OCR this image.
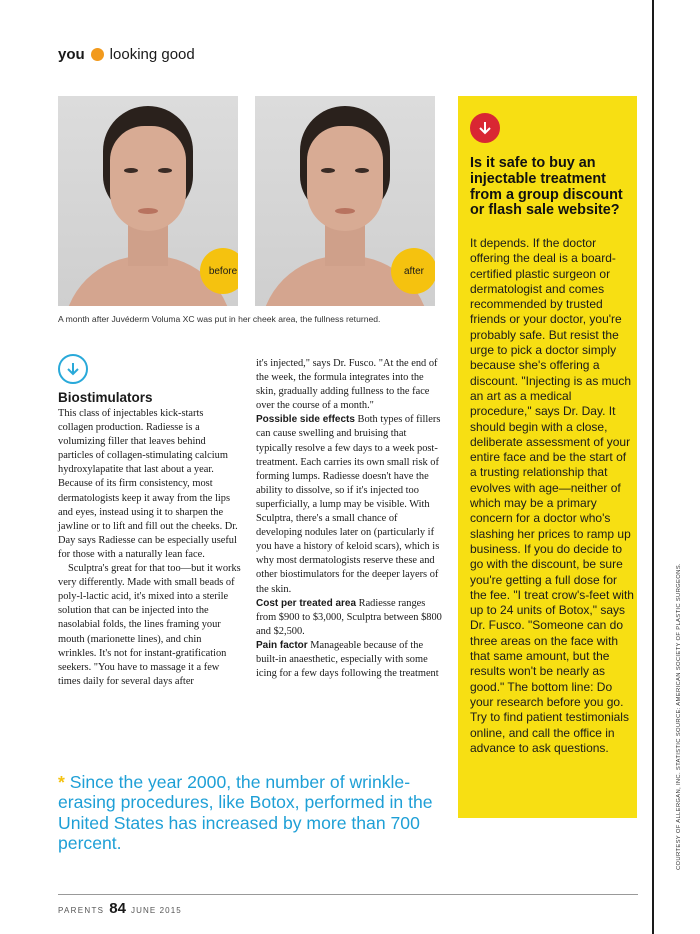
you looking good
before	after
A month after Juvéderm Voluma XC was put in her cheek area, the fullness returned.
Biostimulators

This class of injectables kick-starts collagen production. Radiesse is a volumizing filler that leaves behind particles of collagen-stimulating calcium hydroxylapatite that last about a year. Because of its firm consistency, most dermatologists keep it away from the lips and eyes, instead using it to sharpen the jawline or to lift and fill out the cheeks. Dr. Day says Radiesse can be especially useful for those with a naturally lean face.

Sculptra's great for that too—but it works very differently. Made with small beads of poly-l-lactic acid, it's mixed into a sterile solution that can be injected into the nasolabial folds, the lines framing your mouth (marionette lines), and chin wrinkles. It's not for instant-gratification seekers. "You have to massage it a few times daily for several days after

it's injected," says Dr. Fusco. "At the end of the week, the formula integrates into the skin, gradually adding fullness to the face over the course of a month."

Possible side effects Both types of fillers can cause swelling and bruising that typically resolve a few days to a week post-treatment. Each carries its own small risk of forming lumps. Radiesse doesn't have the ability to dissolve, so if it's injected too superficially, a lump may be visible. With Sculptra, there's a small chance of developing nodules later on (particularly if you have a history of keloid scars), which is why most dermatologists reserve these and other biostimulators for the deeper layers of the skin.

Cost per treated area Radiesse ranges from $900 to $3,000, Sculptra between $800 and $2,500.

Pain factor Manageable because of the built-in anaesthetic, especially with some icing for a few days following the treatment

Is it safe to buy an injectable treatment from a group discount or flash sale website?
It depends. If the doctor offering the deal is a board-certified plastic surgeon or dermatologist and comes recommended by trusted friends or your doctor, you're probably safe. But resist the urge to pick a doctor simply because she's offering a discount. "Injecting is as much an art as a medical procedure," says Dr. Day. It should begin with a close, deliberate assessment of your entire face and be the start of a trusting relationship that evolves with age—neither of which may be a primary concern for a doctor who's slashing her prices to ramp up business. If you do decide to go with the discount, be sure you're getting a full dose for the fee. "I treat crow's-feet with up to 24 units of Botox," says Dr. Fusco. "Someone can do three areas on the face with that same amount, but the results won't be nearly as good." The bottom line: Do your research before you go. Try to find patient testimonials online, and call the office in advance to ask questions.
* Since the year 2000, the number of wrinkle-erasing procedures, like Botox, performed in the United States has increased by more than 700 percent.
PARENTS 84 JUNE 2015
COURTESY OF ALLERGAN, INC. STATISTIC SOURCE: AMERICAN SOCIETY OF PLASTIC SURGEONS.
